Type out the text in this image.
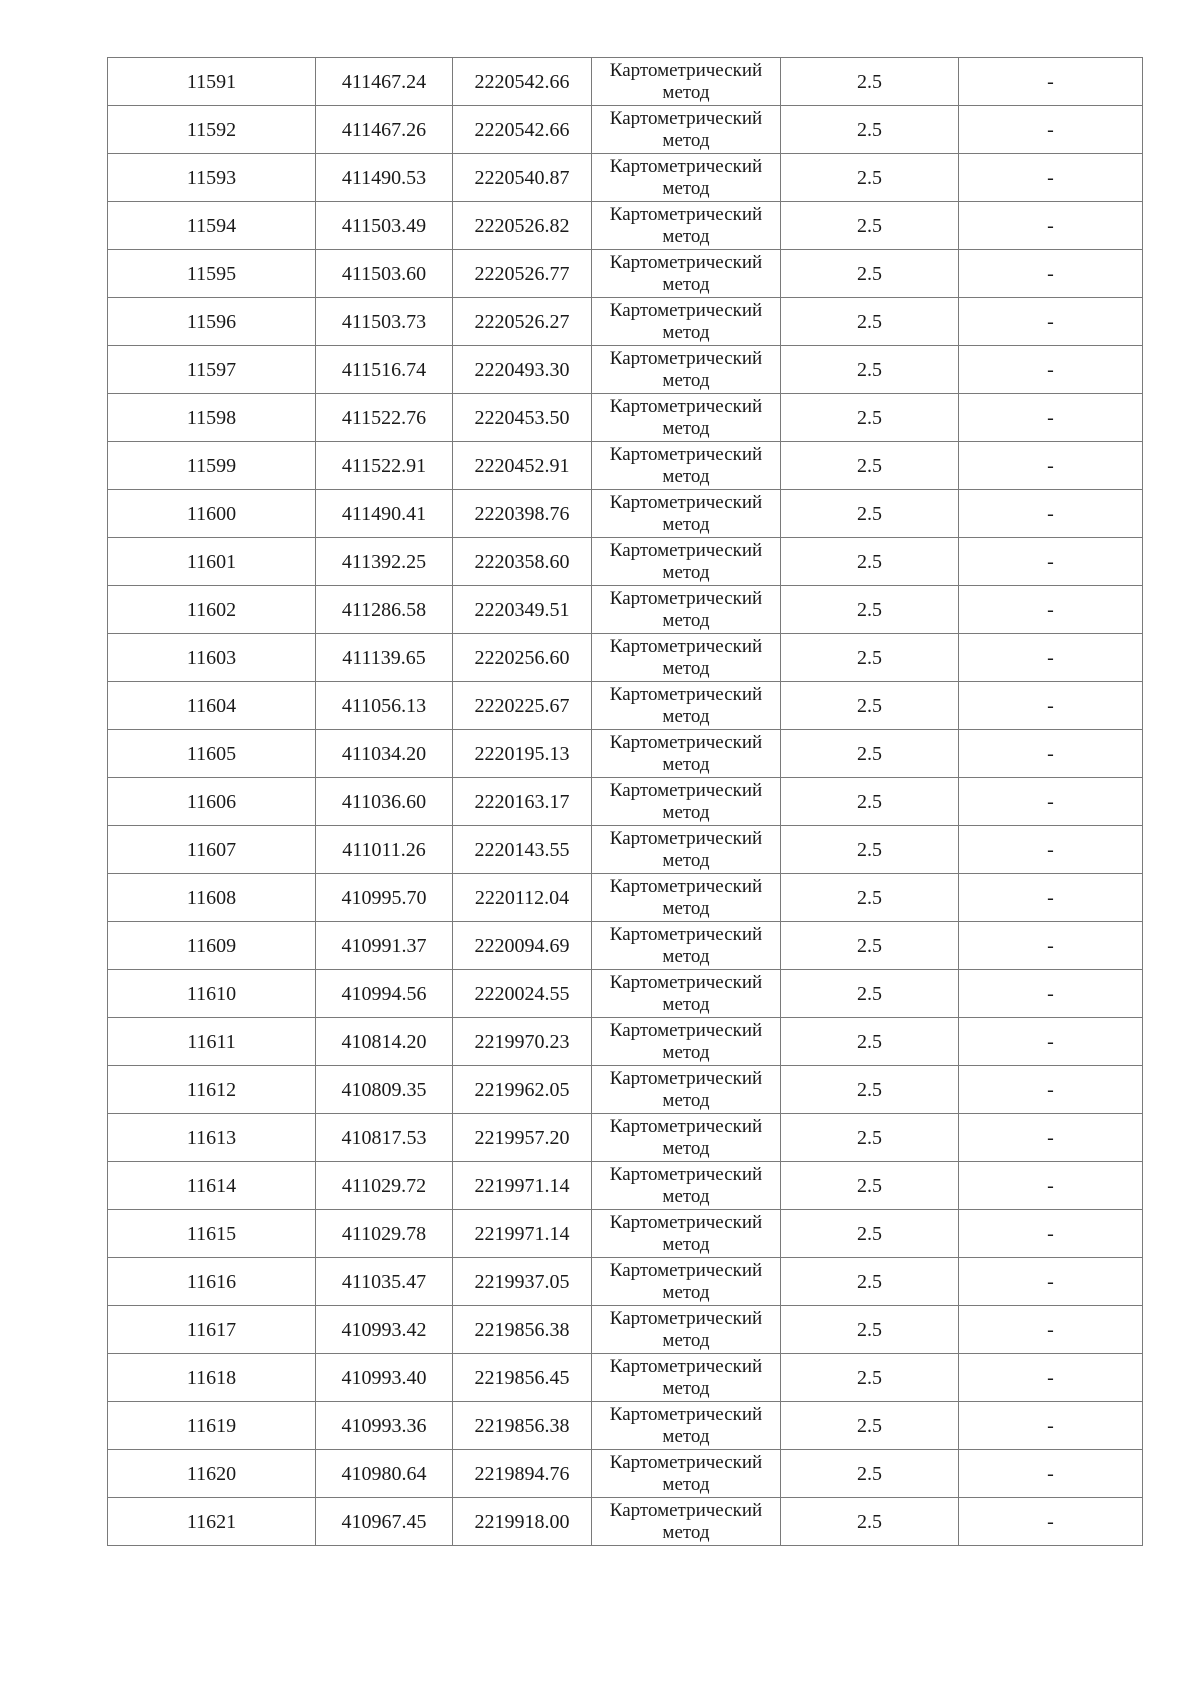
11591	411467.24	2220542.66	Картометрический метод	2.5	-
11592	411467.26	2220542.66	Картометрический метод	2.5	-
11593	411490.53	2220540.87	Картометрический метод	2.5	-
11594	411503.49	2220526.82	Картометрический метод	2.5	-
11595	411503.60	2220526.77	Картометрический метод	2.5	-
11596	411503.73	2220526.27	Картометрический метод	2.5	-
11597	411516.74	2220493.30	Картометрический метод	2.5	-
11598	411522.76	2220453.50	Картометрический метод	2.5	-
11599	411522.91	2220452.91	Картометрический метод	2.5	-
11600	411490.41	2220398.76	Картометрический метод	2.5	-
11601	411392.25	2220358.60	Картометрический метод	2.5	-
11602	411286.58	2220349.51	Картометрический метод	2.5	-
11603	411139.65	2220256.60	Картометрический метод	2.5	-
11604	411056.13	2220225.67	Картометрический метод	2.5	-
11605	411034.20	2220195.13	Картометрический метод	2.5	-
11606	411036.60	2220163.17	Картометрический метод	2.5	-
11607	411011.26	2220143.55	Картометрический метод	2.5	-
11608	410995.70	2220112.04	Картометрический метод	2.5	-
11609	410991.37	2220094.69	Картометрический метод	2.5	-
11610	410994.56	2220024.55	Картометрический метод	2.5	-
11611	410814.20	2219970.23	Картометрический метод	2.5	-
11612	410809.35	2219962.05	Картометрический метод	2.5	-
11613	410817.53	2219957.20	Картометрический метод	2.5	-
11614	411029.72	2219971.14	Картометрический метод	2.5	-
11615	411029.78	2219971.14	Картометрический метод	2.5	-
11616	411035.47	2219937.05	Картометрический метод	2.5	-
11617	410993.42	2219856.38	Картометрический метод	2.5	-
11618	410993.40	2219856.45	Картометрический метод	2.5	-
11619	410993.36	2219856.38	Картометрический метод	2.5	-
11620	410980.64	2219894.76	Картометрический метод	2.5	-
11621	410967.45	2219918.00	Картометрический метод	2.5	-
